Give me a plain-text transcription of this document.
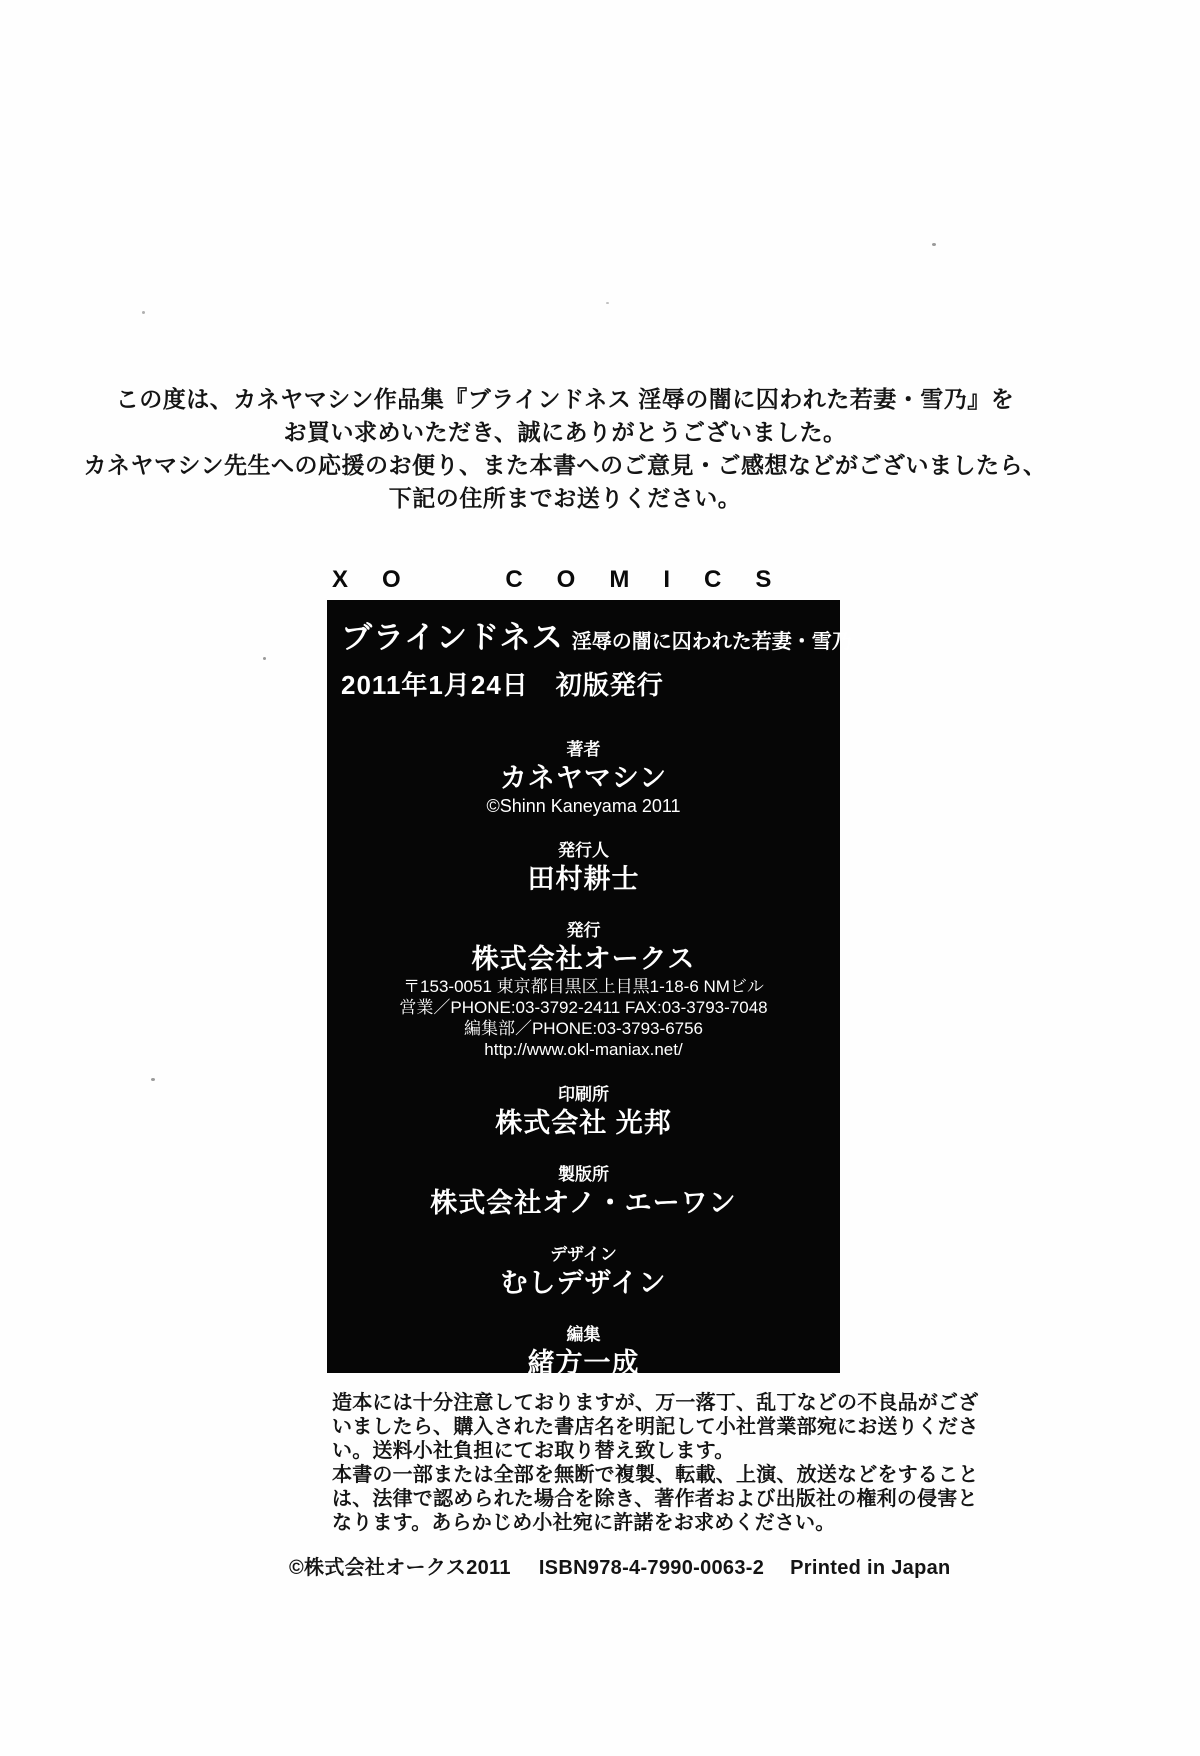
この度は、カネヤマシン作品集『ブラインドネス 淫辱の闇に囚われた若妻・雪乃』を
お買い求めいただき、誠にありがとうございました。
カネヤマシン先生への応援のお便り、また本書へのご意見・ご感想などがございましたら、
下記の住所までお送りください。
XO COMICS
ブラインドネス 淫辱の闇に囚われた若妻・雪乃
2011年1月24日　初版発行
著者
カネヤマシン
©Shinn Kaneyama 2011
発行人
田村耕士
発行
株式会社オークス
〒153-0051 東京都目黒区上目黒1-18-6 NMビル
営業／PHONE:03-3792-2411 FAX:03-3793-7048
編集部／PHONE:03-3793-6756
http://www.okl-maniax.net/
印刷所
株式会社 光邦
製版所
株式会社オノ・エーワン
デザイン
むしデザイン
編集
緒方一成
造本には十分注意しておりますが、万一落丁、乱丁などの不良品がござ
いましたら、購入された書店名を明記して小社営業部宛にお送りくださ
い。送料小社負担にてお取り替え致します。
本書の一部または全部を無断で複製、転載、上演、放送などをすること
は、法律で認められた場合を除き、著作者および出版社の権利の侵害と
なります。あらかじめ小社宛に許諾をお求めください。
©株式会社オークス2011 ISBN978-4-7990-0063-2 Printed in Japan
